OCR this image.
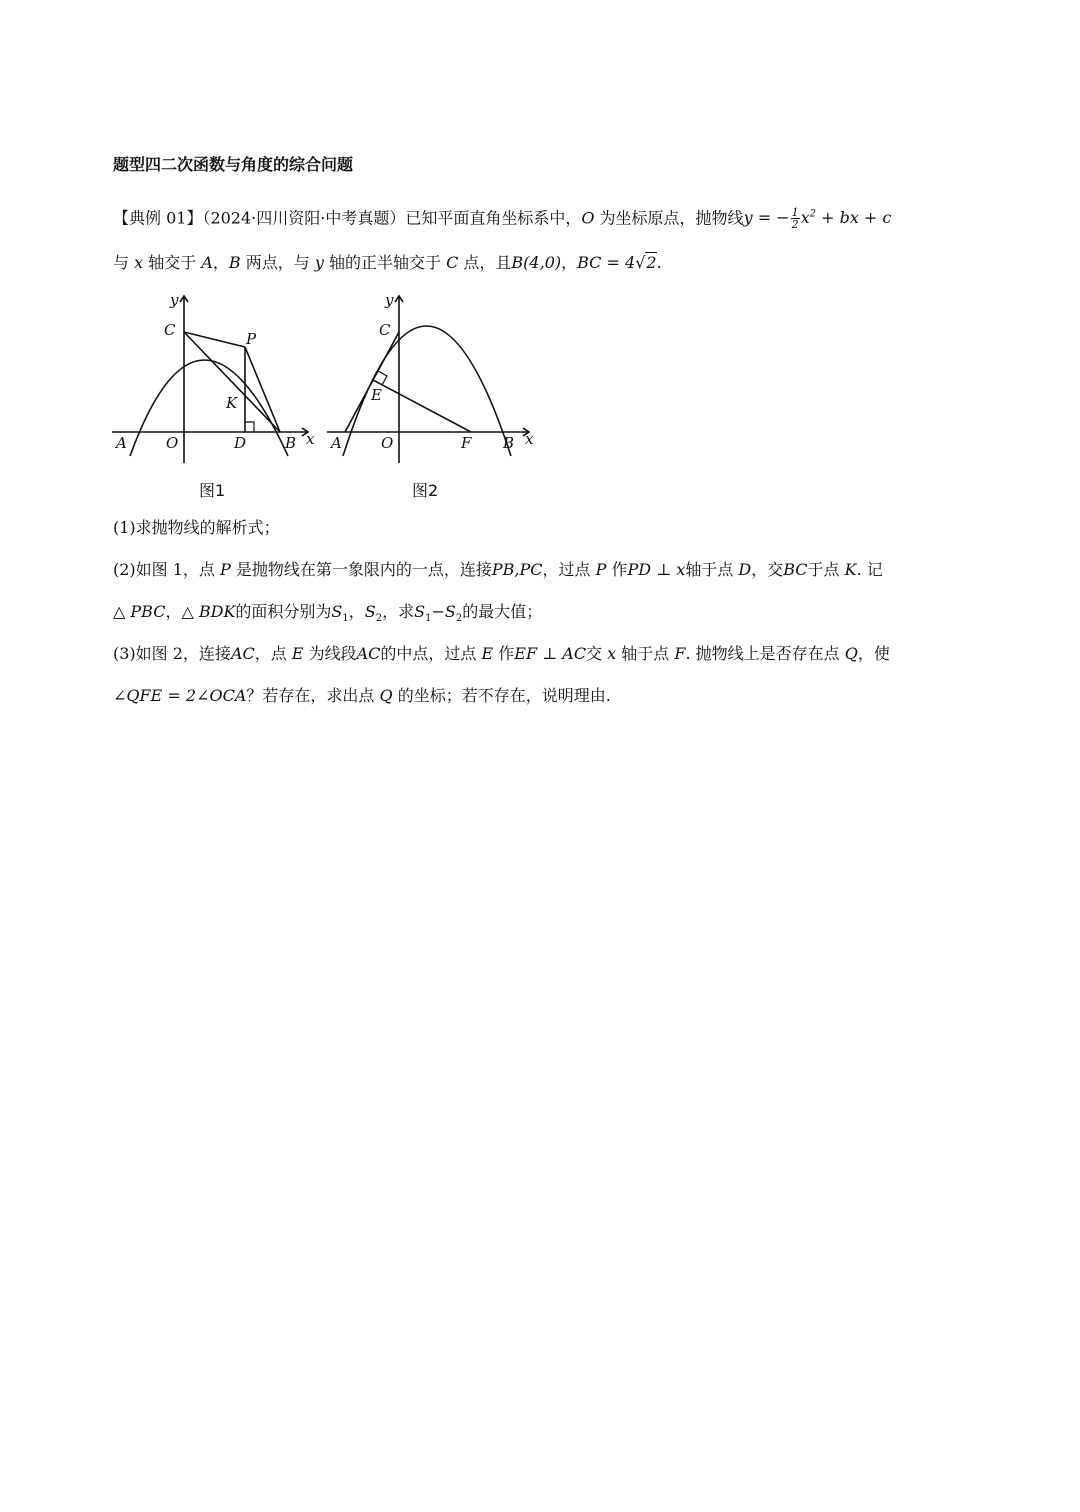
题型四二次函数与角度的综合问题
【典例 01】（2024·四川资阳·中考真题）已知平面直角坐标系中，O 为坐标原点，抛物线y = − $\frac{1}{2} x^2$ + bx + c
与 x 轴交于 A，B 两点，与 y 轴的正半轴交于 C 点，且B(4,0)，BC = 4√2.
y
x
C	P
K
A	O	D	B
图1
y
x
C
E
A	O	F B
图2
(1)求抛物线的解析式；
(2)如图 1，点 P 是抛物线在第一象限内的一点，连接PB,PC，过点 P 作PD ⊥ x轴于点 D，交BC于点 K. 记
△ PBC，△ BDK的面积分别为$S_1$，$S_2$，求$S_1-S_2$的最大值；
(3)如图 2，连接AC，点 E 为线段AC的中点，过点 E 作EF ⊥ AC交 x 轴于点 F. 抛物线上是否存在点 Q，使
∠QFE = 2∠OCA？若存在，求出点 Q 的坐标；若不存在，说明理由.
